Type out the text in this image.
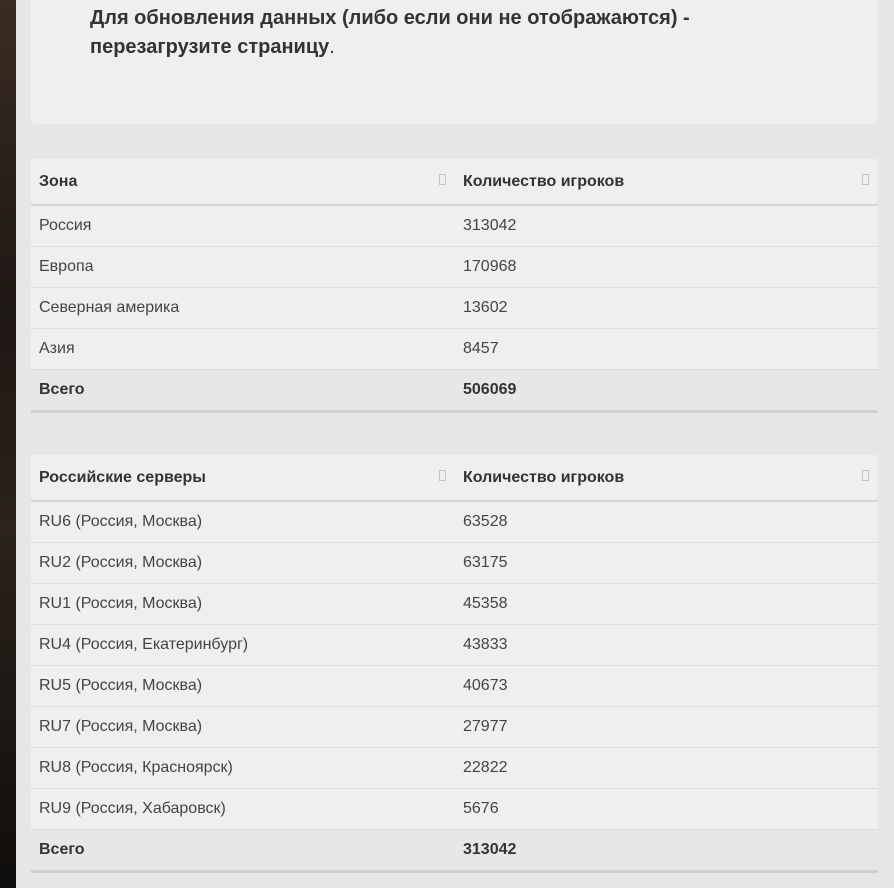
Для обновления данных (либо если они не отображаются) - перезагрузите страницу.

Зона	Количество игроков

Россия	313042
Европа	170968
Северная америка	13602
Азия	8457
Всего	506069
Российские серверы	Количество игроков

RU6 (Россия, Москва)	63528
RU2 (Россия, Москва)	63175
RU1 (Россия, Москва)	45358
RU4 (Россия, Екатеринбург)	43833
RU5 (Россия, Москва)	40673
RU7 (Россия, Москва)	27977
RU8 (Россия, Красноярск)	22822
RU9 (Россия, Хабаровск)	5676
Всего	313042
